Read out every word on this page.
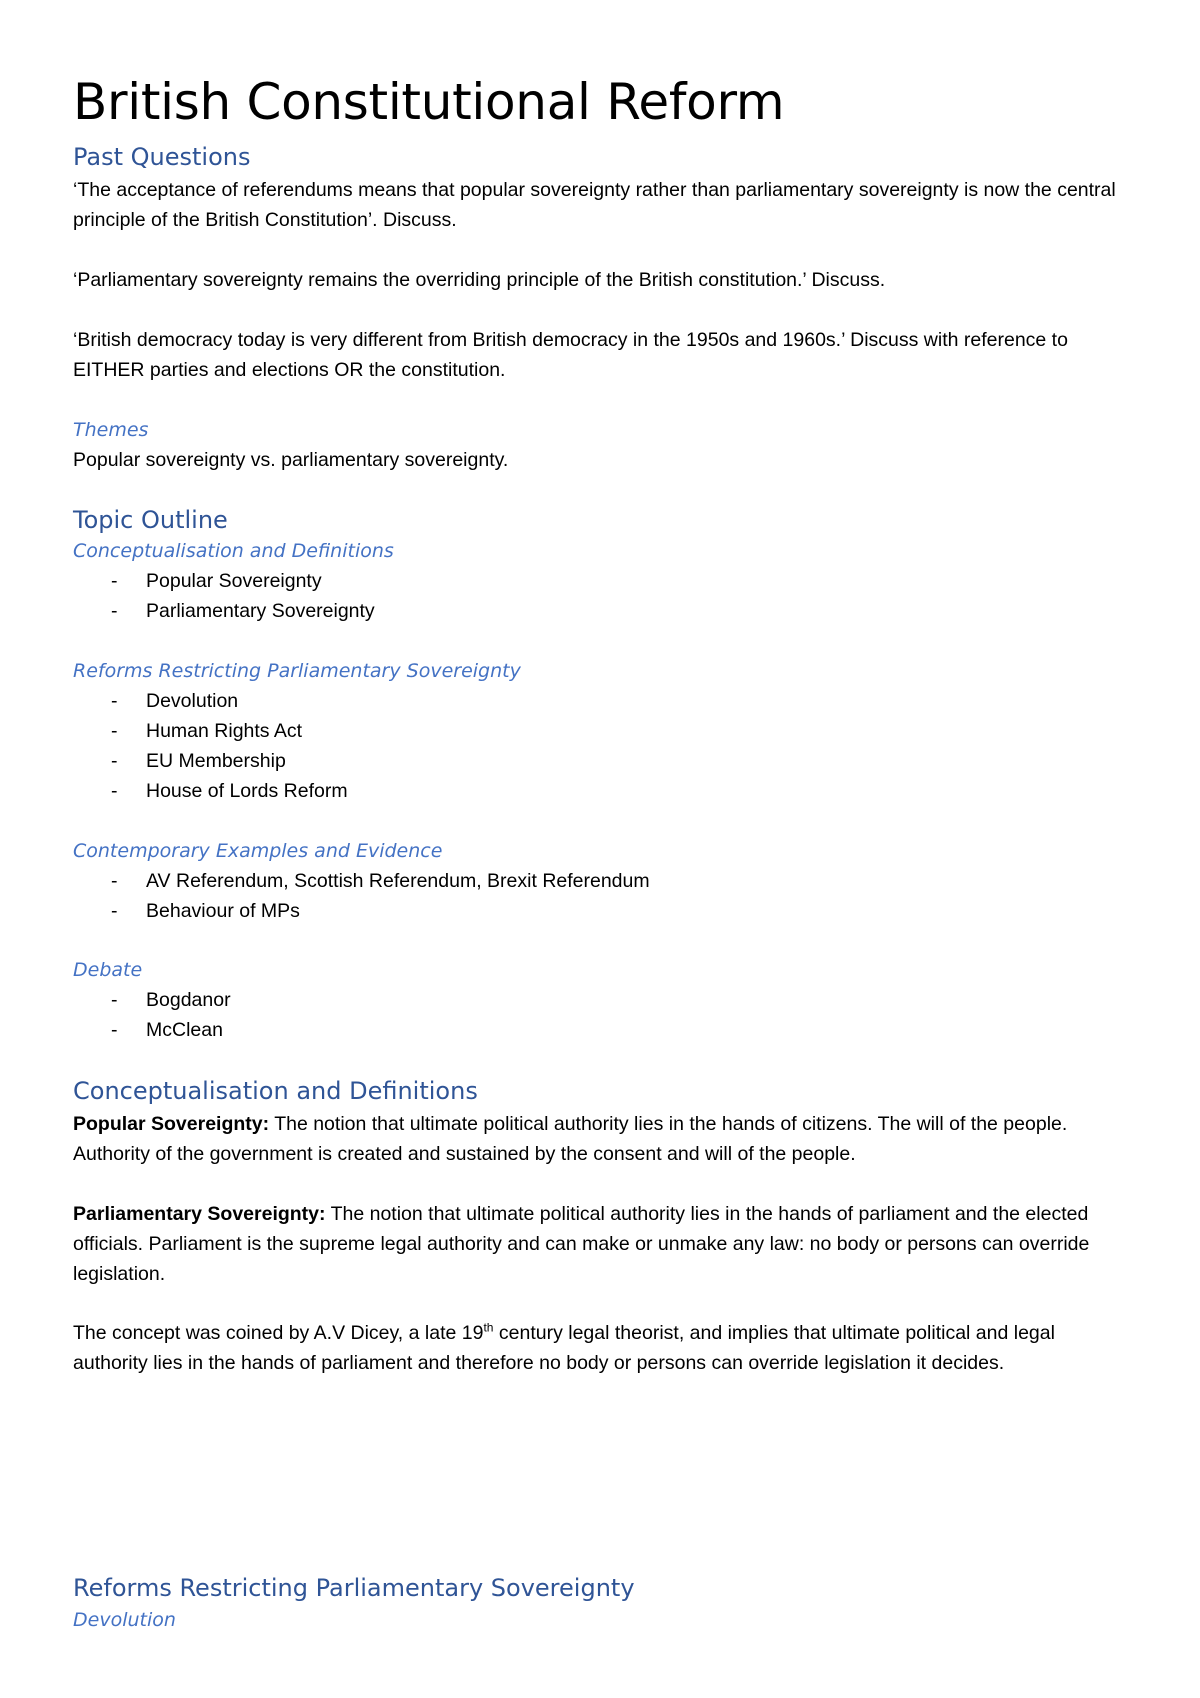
British Constitutional Reform
Past Questions
‘The acceptance of referendums means that popular sovereignty rather than parliamentary sovereignty is now the central principle of the British Constitution’. Discuss.
‘Parliamentary sovereignty remains the overriding principle of the British constitution.’ Discuss.
‘British democracy today is very different from British democracy in the 1950s and 1960s.’ Discuss with reference to EITHER parties and elections OR the constitution.
Themes
Popular sovereignty vs. parliamentary sovereignty.
Topic Outline
Conceptualisation and Definitions
- Popular Sovereignty
- Parliamentary Sovereignty
Reforms Restricting Parliamentary Sovereignty
- Devolution
- Human Rights Act
- EU Membership
- House of Lords Reform
Contemporary Examples and Evidence
- AV Referendum, Scottish Referendum, Brexit Referendum
- Behaviour of MPs
Debate
- Bogdanor
- McClean
Conceptualisation and Definitions
Popular Sovereignty: The notion that ultimate political authority lies in the hands of citizens. The will of the people. Authority of the government is created and sustained by the consent and will of the people.
Parliamentary Sovereignty: The notion that ultimate political authority lies in the hands of parliament and the elected officials. Parliament is the supreme legal authority and can make or unmake any law: no body or persons can override legislation.
The concept was coined by A.V Dicey, a late 19th century legal theorist, and implies that ultimate political and legal authority lies in the hands of parliament and therefore no body or persons can override legislation it decides.
Reforms Restricting Parliamentary Sovereignty
Devolution
